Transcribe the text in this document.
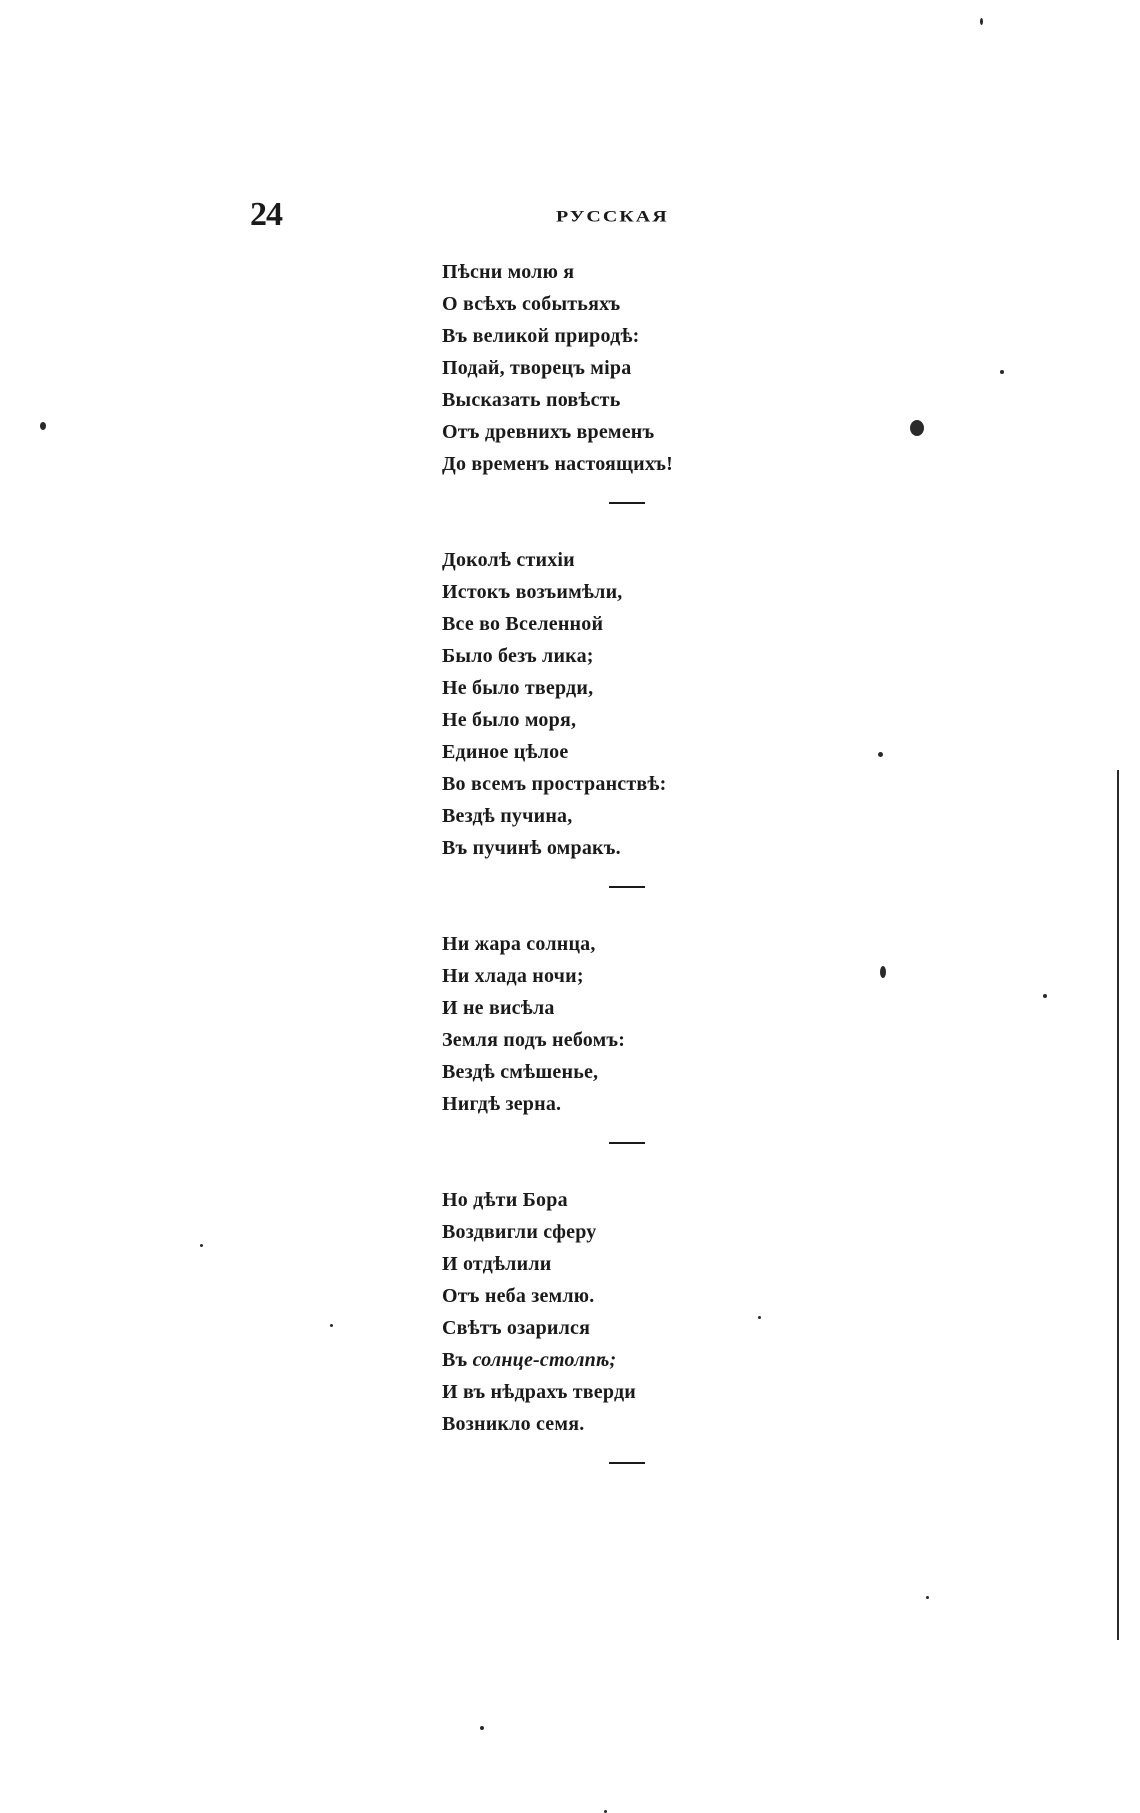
24	РУССКАЯ
Пѣсни молю я
О всѣхъ событьяхъ
Въ великой природѣ:
Подай, творецъ міра
Высказать повѣсть
Отъ древнихъ временъ
До временъ настоящихъ!
Доколѣ стихіи
Истокъ возъимѣли,
Все во Вселенной
Было безъ лика;
Не было тверди,
Не было моря,
Единое цѣлое
Во всемъ пространствѣ:
Вездѣ пучина,
Въ пучинѣ омракъ.
Ни жара солнца,
Ни хлада ночи;
И не висѣла
Земля подъ небомъ:
Вездѣ смѣшенье,
Нигдѣ зерна.
Но дѣти Бора
Воздвигли сферу
И отдѣлили
Отъ неба землю.
Свѣтъ озарился
Въ солнце-столпѣ;
И въ нѣдрахъ тверди
Возникло семя.
